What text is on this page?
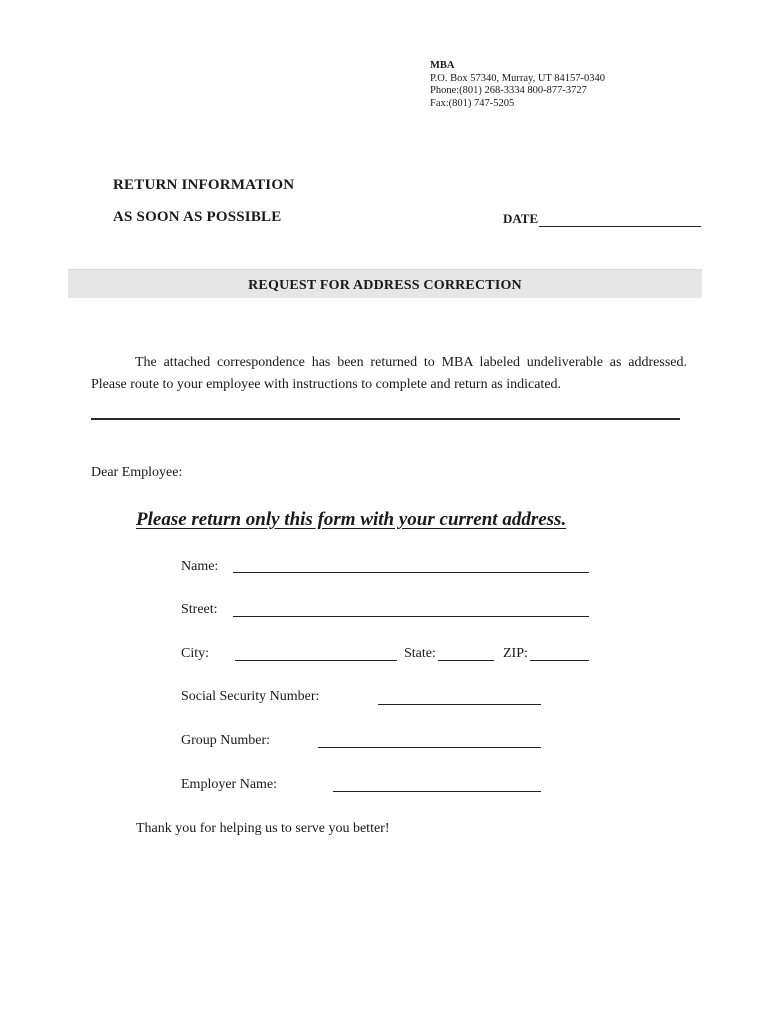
MBA
P.O. Box 57340, Murray, UT 84157-0340
Phone:(801) 268-3334 800-877-3727
Fax:(801) 747-5205
RETURN INFORMATION
AS SOON AS POSSIBLE	DATE
REQUEST FOR ADDRESS CORRECTION
The attached correspondence has been returned to MBA labeled undeliverable as addressed. Please route to your employee with instructions to complete and return as indicated.
Dear Employee:
Please return only this form with your current address.
Name:
Street:
City:	State:	ZIP:
Social Security Number:
Group Number:
Employer Name:
Thank you for helping us to serve you better!
